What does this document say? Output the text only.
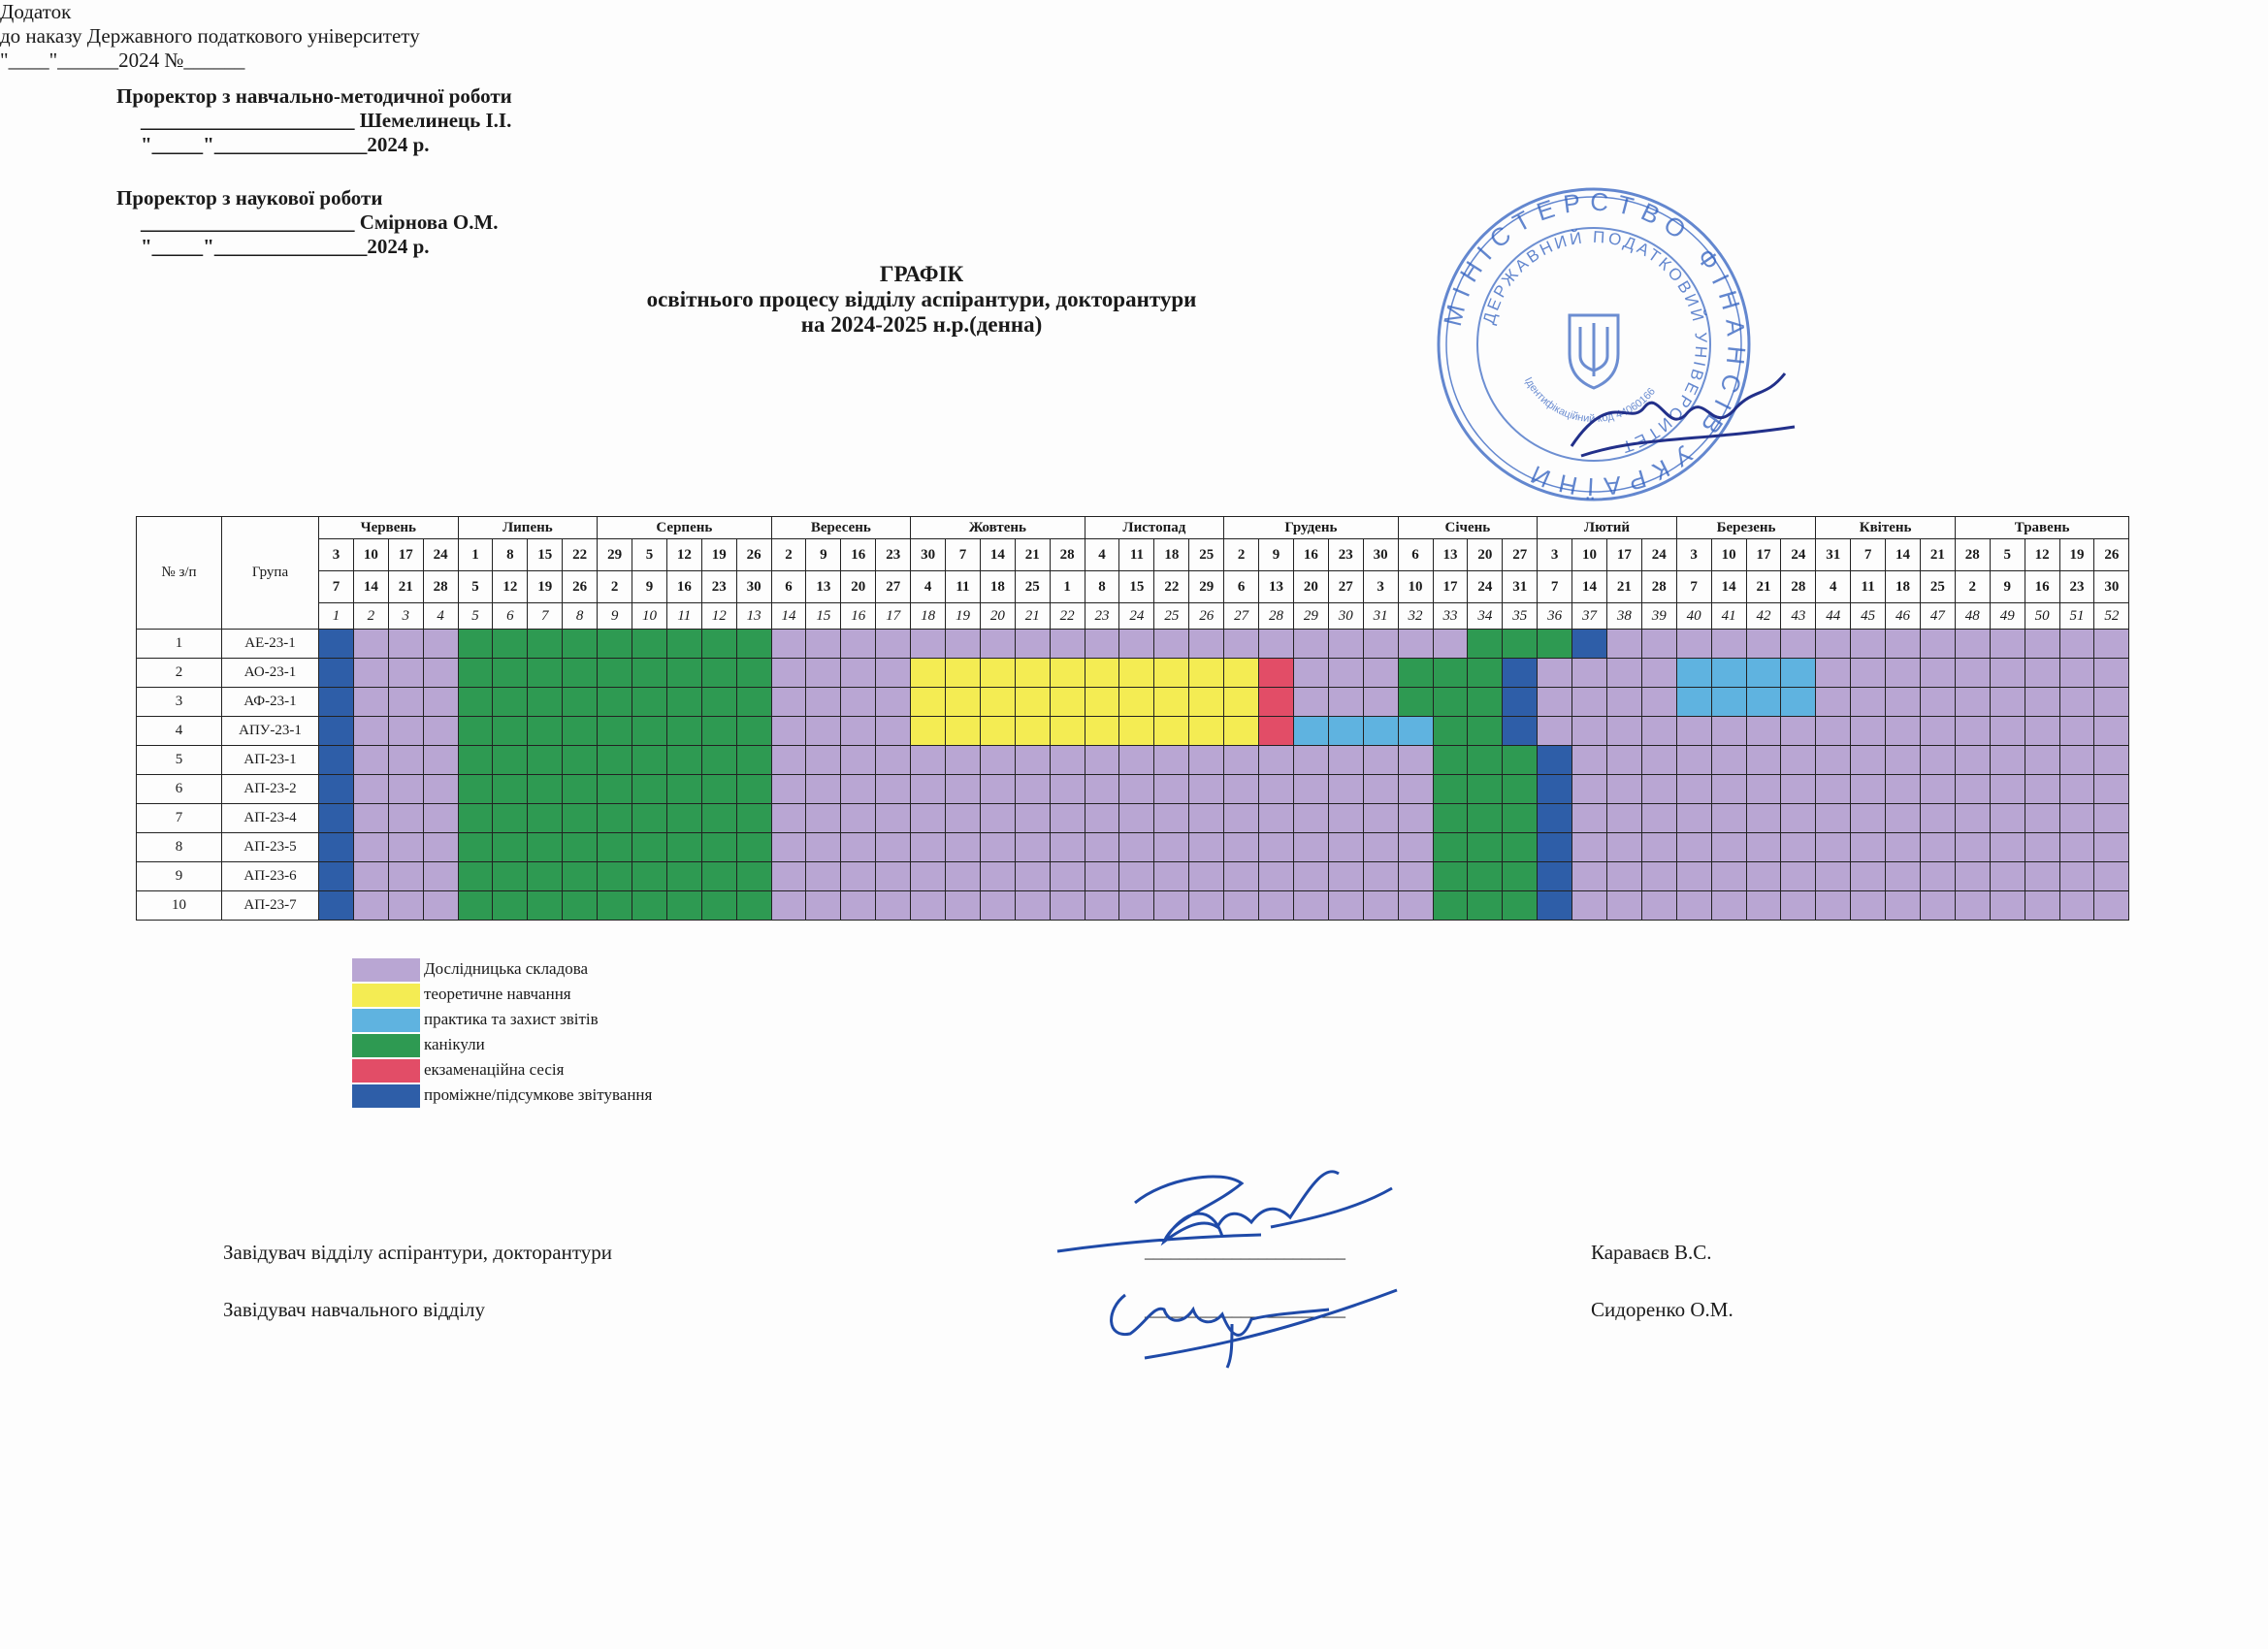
Додаток
до наказу Державного податкового університету
"____"______2024 №______
Проректор з навчально-методичної роботи
_____________________ Шемелинець І.І.
"_____"_______________2024 р.
Проректор з наукової роботи
_____________________ Смірнова О.М.
"_____"_______________2024 р.
МІНІСТЕРСТВО ФІНАНСІВ УКРАЇНИ
ДЕРЖАВНИЙ ПОДАТКОВИЙ УНІВЕРСИТЕТ
Ідентифікаційний код 44060166
ГРАФІК
освітнього процесу відділу аспірантури, докторантури
на 2024-2025 н.р.(денна)
№ з/п	Група	Червень				Липень				Серпень					Вересень				Жовтень					Листопад				Грудень					Січень				Лютий				Березень				Квітень				Травень				
		3	10	17	24	1	8	15	22	29	5	12	19	26	2	9	16	23	30	7	14	21	28	4	11	18	25	2	9	16	23	30	6	13	20	27	3	10	17	24	3	10	17	24	31	7	14	21	28	5	12	19	26
		7	14	21	28	5	12	19	26	2	9	16	23	30	6	13	20	27	4	11	18	25	1	8	15	22	29	6	13	20	27	3	10	17	24	31	7	14	21	28	7	14	21	28	4	11	18	25	2	9	16	23	30
		1	2	3	4	5	6	7	8	9	10	11	12	13	14	15	16	17	18	19	20	21	22	23	24	25	26	27	28	29	30	31	32	33	34	35	36	37	38	39	40	41	42	43	44	45	46	47	48	49	50	51	52
1	АЕ-23-1																																																				
2	АО-23-1																																																				
3	АФ-23-1																																																				
4	АПУ-23-1																																																				
5	АП-23-1																																																				
6	АП-23-2																																																				
7	АП-23-4																																																				
8	АП-23-5																																																				
9	АП-23-6																																																				
10	АП-23-7																																																				
Дослідницька складова
теоретичне навчання
практика та захист звітів
канікули
екзаменаційна сесія
проміжне/підсумкове звітування
Завідувач відділу аспірантури, докторантури	Караваєв В.С.
Завідувач навчального відділу	Сидоренко О.М.
_______________________
_______________________
